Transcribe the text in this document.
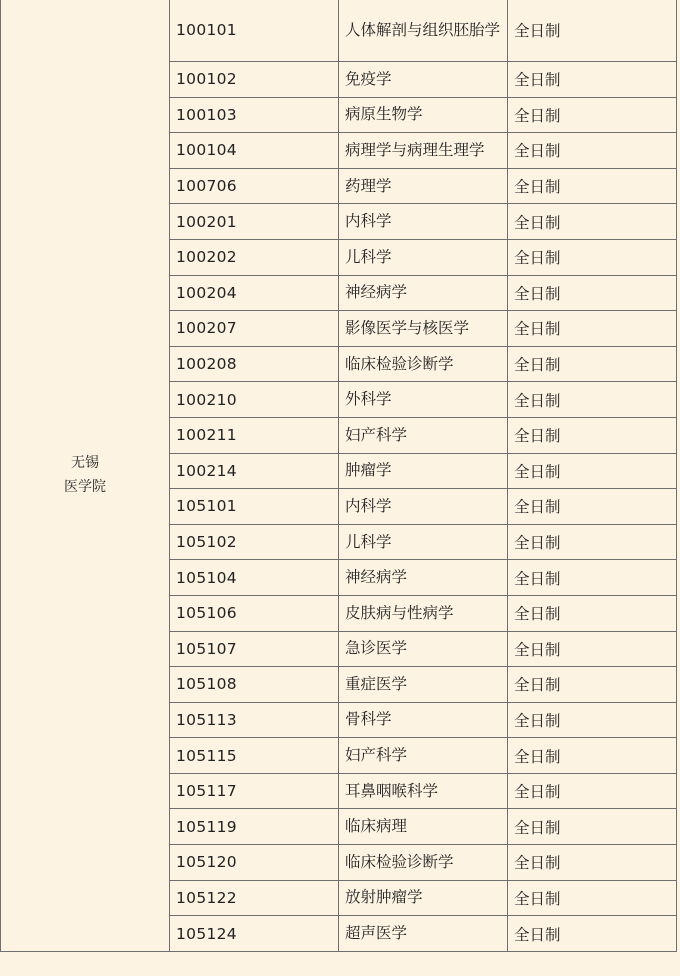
无锡
医学院	100101	人体解剖与组织胚胎学	全日制
	100102	免疫学	全日制
	100103	病原生物学	全日制
	100104	病理学与病理生理学	全日制
	100706	药理学	全日制
	100201	内科学	全日制
	100202	儿科学	全日制
	100204	神经病学	全日制
	100207	影像医学与核医学	全日制
	100208	临床检验诊断学	全日制
	100210	外科学	全日制
	100211	妇产科学	全日制
	100214	肿瘤学	全日制
	105101	内科学	全日制
	105102	儿科学	全日制
	105104	神经病学	全日制
	105106	皮肤病与性病学	全日制
	105107	急诊医学	全日制
	105108	重症医学	全日制
	105113	骨科学	全日制
	105115	妇产科学	全日制
	105117	耳鼻咽喉科学	全日制
	105119	临床病理	全日制
	105120	临床检验诊断学	全日制
	105122	放射肿瘤学	全日制
	105124	超声医学	全日制
